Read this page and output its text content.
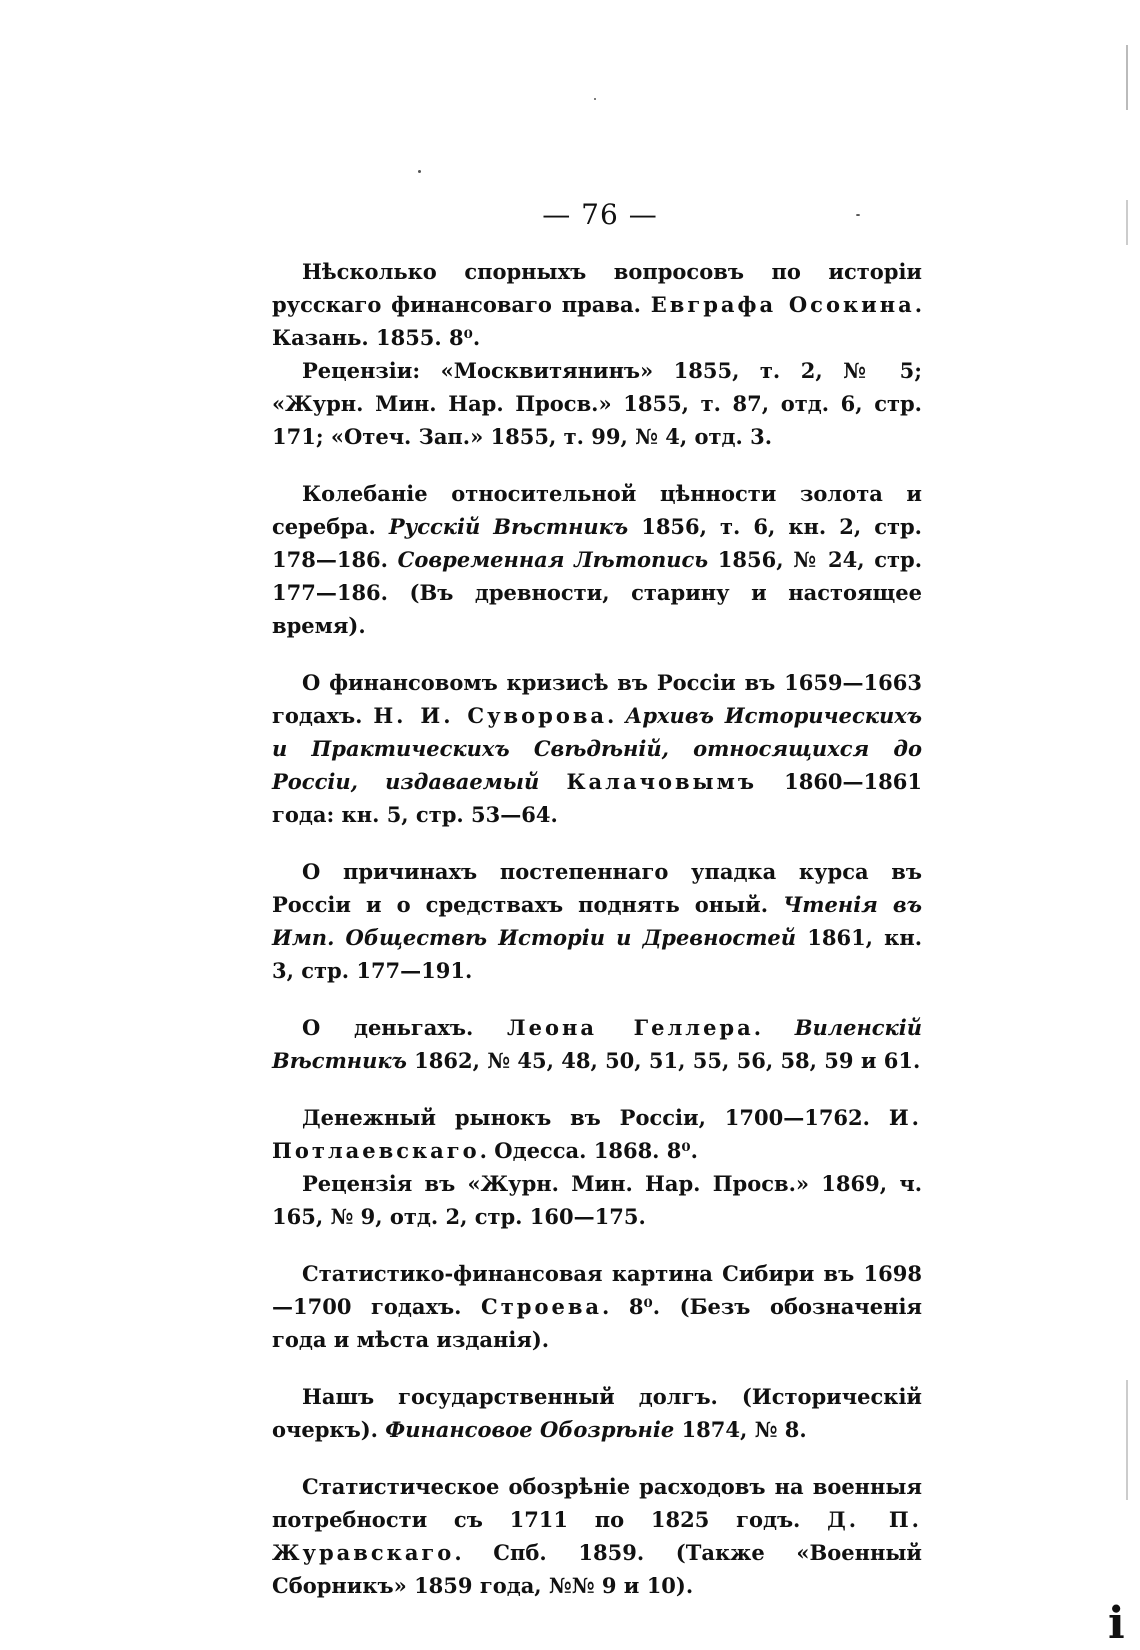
— 76 —

Нѣсколько спорныхъ вопросовъ по исторіи русскаго финансоваго права. Евграфа Осокина. Казань. 1855. 8⁰.

Рецензіи: «Москвитянинъ» 1855, т. 2, № 5; «Журн. Мин. Нар. Просв.» 1855, т. 87, отд. 6, стр. 171; «Отеч. Зап.» 1855, т. 99, № 4, отд. 3.

Колебаніе относительной цѣнности золота и серебра. Русскій Вѣстникъ 1856, т. 6, кн. 2, стр. 178—186. Современная Лѣтопись 1856, № 24, стр. 177—186. (Въ древности, старину и настоящее время).

О финансовомъ кризисѣ въ Россіи въ 1659—1663 годахъ. Н. И. Суворова. Архивъ Историческихъ и Практическихъ Свѣдѣній, относящихся до Россіи, издаваемый Калачовымъ 1860—1861 года: кн. 5, стр. 53—64.

О причинахъ постепеннаго упадка курса въ Россіи и о средствахъ поднять оный. Чтенія въ Имп. Обществѣ Исторіи и Древностей 1861, кн. 3, стр. 177—191.

О деньгахъ. Леона Геллера. Виленскій Вѣстникъ 1862, № 45, 48, 50, 51, 55, 56, 58, 59 и 61.

Денежный рынокъ въ Россіи, 1700—1762. И. Потлаевскаго. Одесса. 1868. 8⁰.

Рецензія въ «Журн. Мин. Нар. Просв.» 1869, ч. 165, № 9, отд. 2, стр. 160—175.

Статистико-финансовая картина Сибири въ 1698—1700 годахъ. Строева. 8⁰. (Безъ обозначенія года и мѣста изданія).

Нашъ государственный долгъ. (Историческій очеркъ). Финансовое Обозрѣніе 1874, № 8.

Статистическое обозрѣніе расходовъ на военныя потребности съ 1711 по 1825 годъ. Д. П. Журавскаго. Спб. 1859. (Также «Военный Сборникъ» 1859 года, №№ 9 и 10).

i
